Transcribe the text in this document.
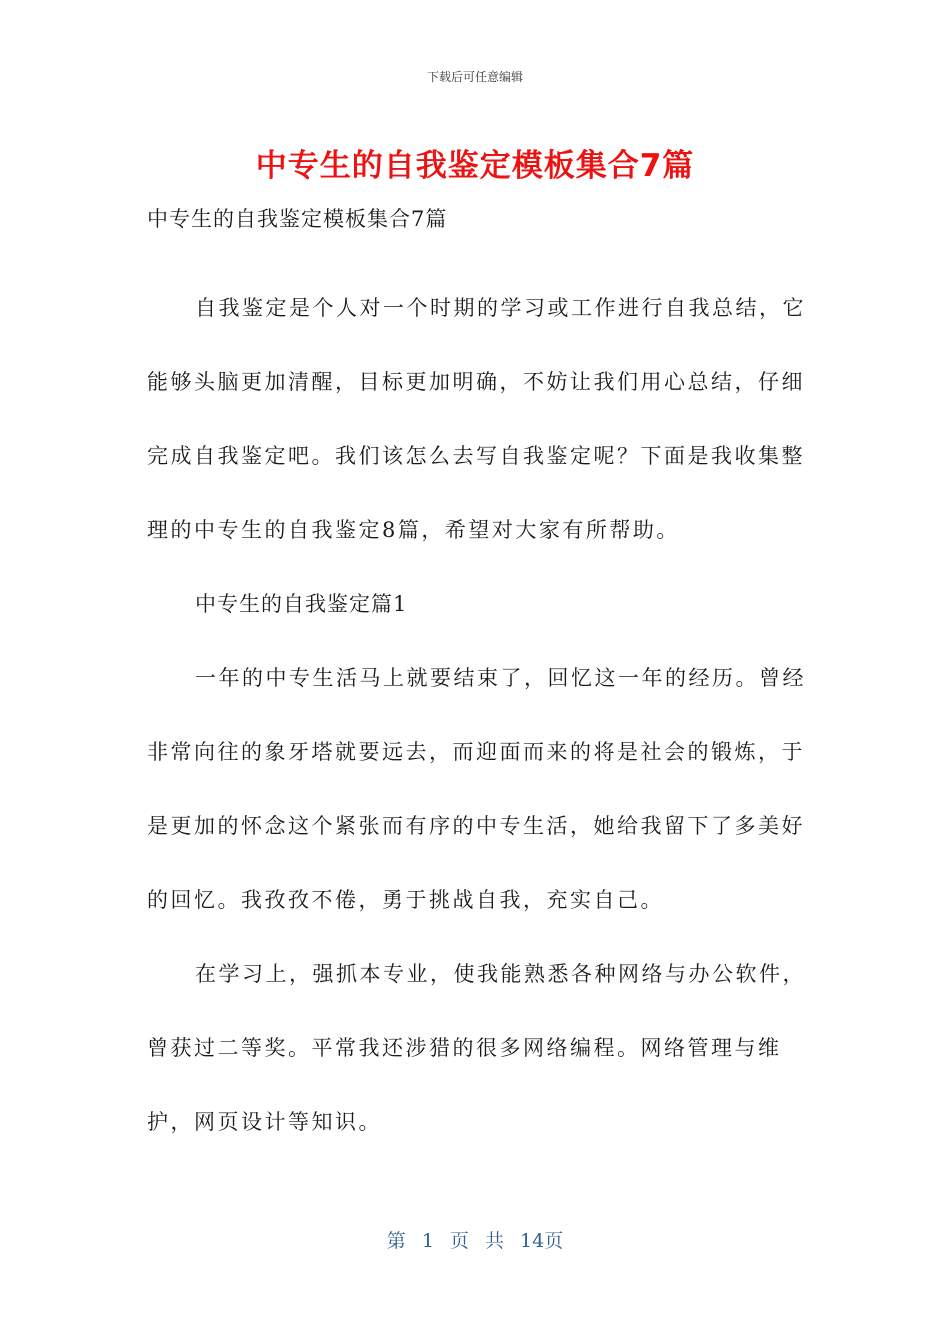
下载后可任意编辑
中专生的自我鉴定模板集合7篇

中专生的自我鉴定模板集合7篇

自我鉴定是个人对一个时期的学习或工作进行自我总结，它能够头脑更加清醒，目标更加明确，不妨让我们用心总结，仔细完成自我鉴定吧。我们该怎么去写自我鉴定呢？下面是我收集整理的中专生的自我鉴定8篇，希望对大家有所帮助。

中专生的自我鉴定篇1

一年的中专生活马上就要结束了，回忆这一年的经历。曾经非常向往的象牙塔就要远去，而迎面而来的将是社会的锻炼，于是更加的怀念这个紧张而有序的中专生活，她给我留下了多美好的回忆。我孜孜不倦，勇于挑战自我，充实自己。

在学习上，强抓本专业，使我能熟悉各种网络与办公软件，曾获过二等奖。平常我还涉猎的很多网络编程。网络管理与维护，网页设计等知识。

第 1 页 共 14页
